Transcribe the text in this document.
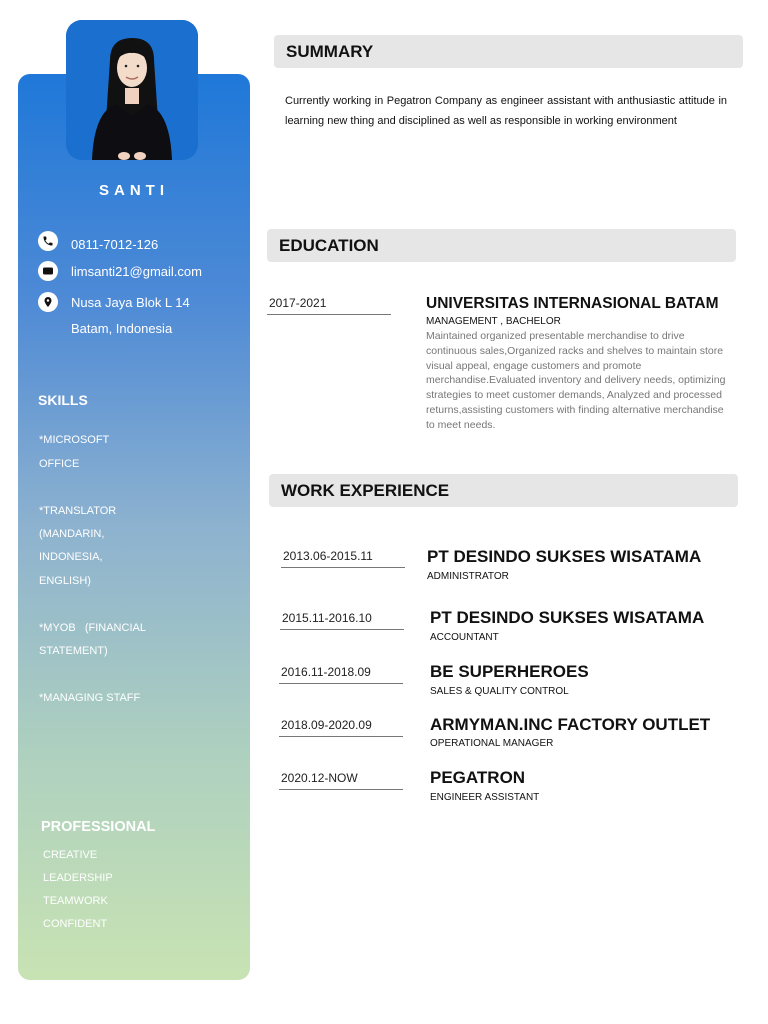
SANTI
0811-7012-126
limsanti21@gmail.com
Nusa Jaya Blok L 14
Batam, Indonesia
SKILLS
*MICROSOFT
OFFICE
*TRANSLATOR
(MANDARIN,
INDONESIA,
ENGLISH)
*MYOB   (FINANCIAL
STATEMENT)
*MANAGING STAFF
PROFESSIONAL
CREATIVE
LEADERSHIP
TEAMWORK
CONFIDENT
SUMMARY
Currently working in Pegatron Company as engineer assistant with anthusiastic attitude in learning new thing and disciplined as well as responsible in working environment
EDUCATION
2017-2021	UNIVERSITAS INTERNASIONAL BATAM
MANAGEMENT , BACHELOR
Maintained organized presentable merchandise to drive continuous sales,Organized racks and shelves to maintain store visual appeal, engage customers and promote merchandise.Evaluated inventory and delivery needs, optimizing strategies to meet customer demands, Analyzed and processed returns,assisting customers with finding alternative merchandise to meet needs.
WORK EXPERIENCE
2013.06-2015.11	PT DESINDO SUKSES WISATAMA
ADMINISTRATOR
2015.11-2016.10	PT DESINDO SUKSES WISATAMA
ACCOUNTANT
2016.11-2018.09	BE SUPERHEROES
SALES & QUALITY CONTROL
2018.09-2020.09	ARMYMAN.INC FACTORY OUTLET
OPERATIONAL MANAGER
2020.12-NOW	PEGATRON
ENGINEER ASSISTANT
